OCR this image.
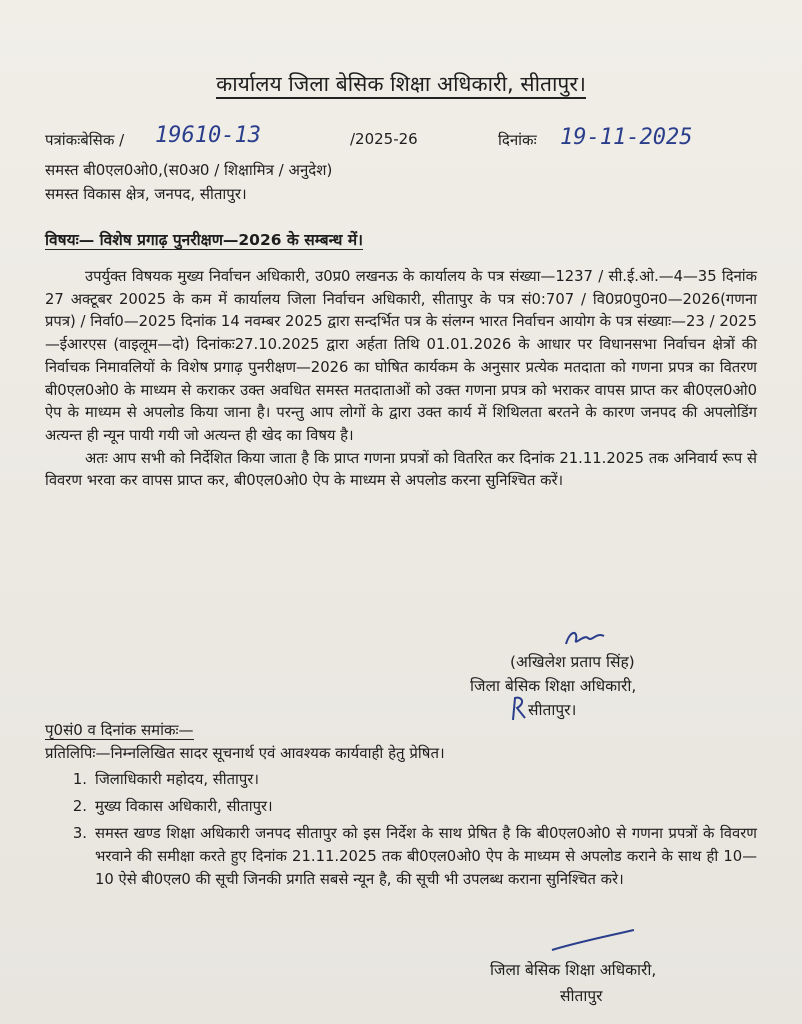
कार्यालय जिला बेसिक शिक्षा अधिकारी, सीतापुर।
पत्रांकःबेसिक / 19610-13	/2025-26	दिनांकः 19-11-2025
समस्त बी0एल0ओ0,(स0अ0 / शिक्षामित्र / अनुदेश)
समस्त विकास क्षेत्र, जनपद, सीतापुर।
विषयः— विशेष प्रगाढ़ पुनरीक्षण—2026 के सम्बन्ध में।

उपर्युक्त विषयक मुख्य निर्वाचन अधिकारी, उ0प्र0 लखनऊ के कार्यालय के पत्र संख्या—1237 / सी.ई.ओ.—4—35 दिनांक 27 अक्टूबर 20025 के कम में कार्यालय जिला निर्वाचन अधिकारी, सीतापुर के पत्र सं0:707 / वि0प्र0पु0न0—2026(गणना प्रपत्र) / निर्वा0—2025 दिनांक 14 नवम्बर 2025 द्वारा सन्दर्भित पत्र के संलग्न भारत निर्वाचन आयोग के पत्र संख्याः—23 / 2025—ईआरएस (वाइलूम—दो) दिनांकः27.10.2025 द्वारा अर्हता तिथि 01.01.2026 के आधार पर विधानसभा निर्वाचन क्षेत्रों की निर्वाचक निमावलियों के विशेष प्रगाढ़ पुनरीक्षण—2026 का घोषित कार्यकम के अनुसार प्रत्येक मतदाता को गणना प्रपत्र का वितरण बी0एल0ओ0 के माध्यम से कराकर उक्त अवधित समस्त मतदाताओं को उक्त गणना प्रपत्र को भराकर वापस प्राप्त कर बी0एल0ओ0 ऐप के माध्यम से अपलोड किया जाना है। परन्तु आप लोगों के द्वारा उक्त कार्य में शिथिलता बरतने के कारण जनपद की अपलोडिंग अत्यन्त ही न्यून पायी गयी जो अत्यन्त ही खेद का विषय है।

अतः आप सभी को निर्देशित किया जाता है कि प्राप्त गणना प्रपत्रों को वितरित कर दिनांक 21.11.2025 तक अनिवार्य रूप से विवरण भरवा कर वापस प्राप्त कर, बी0एल0ओ0 ऐप के माध्यम से अपलोड करना सुनिश्चित करें।

(अखिलेश प्रताप सिंह)
जिला बेसिक शिक्षा अधिकारी,
सीतापुर।
पृ0सं0 व दिनांक समांकः—
प्रतिलिपिः—निम्नलिखित सादर सूचनार्थ एवं आवश्यक कार्यवाही हेतु प्रेषित।
1. जिलाधिकारी महोदय, सीतापुर।
2. मुख्य विकास अधिकारी, सीतापुर।
3. समस्त खण्ड शिक्षा अधिकारी जनपद सीतापुर को इस निर्देश के साथ प्रेषित है कि बी0एल0ओ0 से गणना प्रपत्रों के विवरण भरवाने की समीक्षा करते हुए दिनांक 21.11.2025 तक बी0एल0ओ0 ऐप के माध्यम से अपलोड कराने के साथ ही 10—10 ऐसे बी0एल0 की सूची जिनकी प्रगति सबसे न्यून है, की सूची भी उपलब्ध कराना सुनिश्चित करे।
जिला बेसिक शिक्षा अधिकारी,
सीतापुर
